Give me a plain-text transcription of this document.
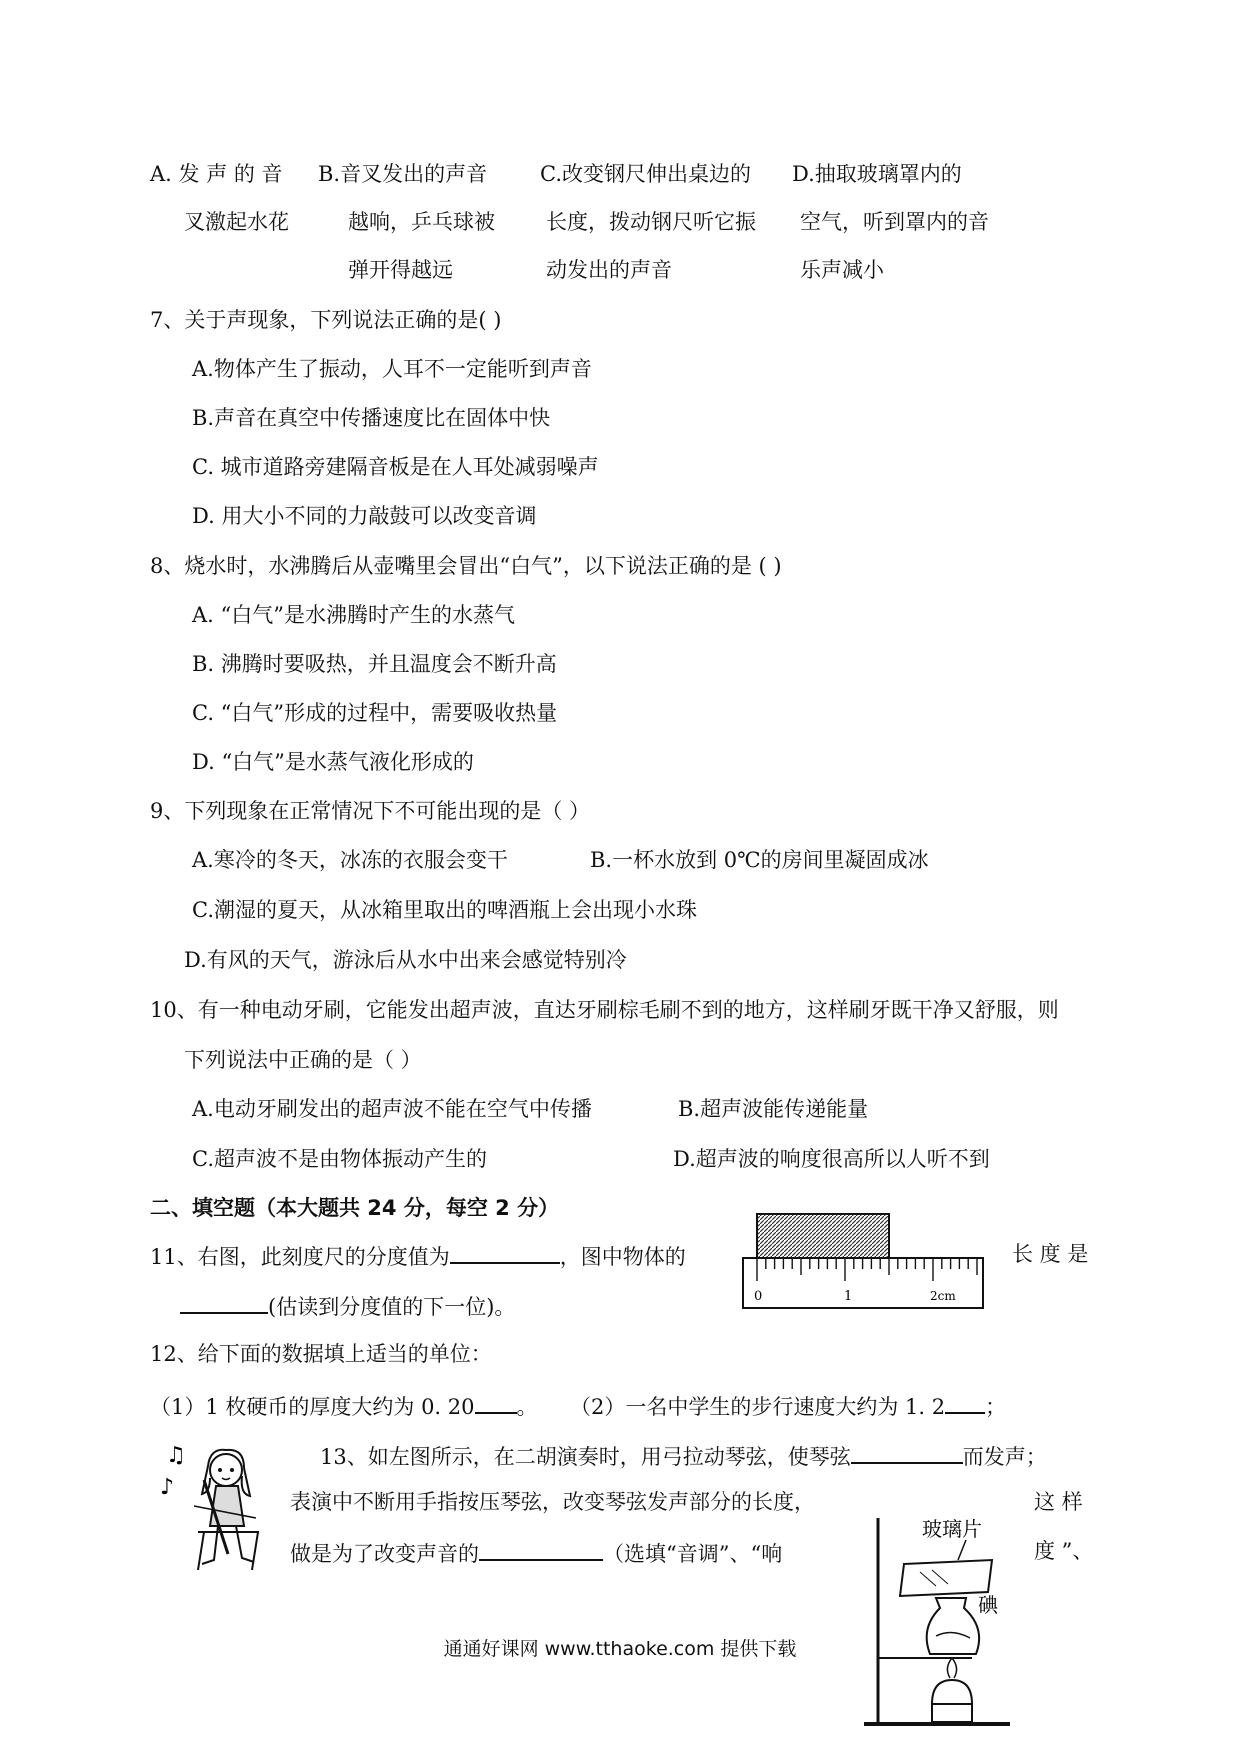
A. 发 声 的 音
叉激起水花
B.音叉发出的声音
越响，乒乓球被
弹开得越远
C.改变钢尺伸出桌边的
长度，拨动钢尺听它振
动发出的声音
D.抽取玻璃罩内的
空气，听到罩内的音
乐声减小
7、关于声现象，下列说法正确的是( )
A.物体产生了振动，人耳不一定能听到声音
B.声音在真空中传播速度比在固体中快
C. 城市道路旁建隔音板是在人耳处减弱噪声
D. 用大小不同的力敲鼓可以改变音调
8、烧水时，水沸腾后从壶嘴里会冒出“白气”，以下说法正确的是 ( )
A. “白气”是水沸腾时产生的水蒸气
B. 沸腾时要吸热，并且温度会不断升高
C. “白气”形成的过程中，需要吸收热量
D. “白气”是水蒸气液化形成的
9、下列现象在正常情况下不可能出现的是（ ）
A.寒冷的冬天，冰冻的衣服会变干	B.一杯水放到 0℃的房间里凝固成冰
C.潮湿的夏天，从冰箱里取出的啤酒瓶上会出现小水珠
D.有风的天气，游泳后从水中出来会感觉特别冷
10、有一种电动牙刷，它能发出超声波，直达牙刷棕毛刷不到的地方，这样刷牙既干净又舒服，则
下列说法中正确的是（ ）
A.电动牙刷发出的超声波不能在空气中传播	B.超声波能传递能量
C.超声波不是由物体振动产生的	D.超声波的响度很高所以人听不到
二、填空题（本大题共 24 分，每空 2 分）
11、右图，此刻度尺的分度值为	，图中物体的	长 度 是
(估读到分度值的下一位)。	0	1	2cm
12、给下面的数据填上适当的单位：
（1）1 枚硬币的厚度大约为 0. 20 。 （2）一名中学生的步行速度大约为 1. 2 ；
♫
♪
13、如左图所示，在二胡演奏时，用弓拉动琴弦，使琴弦	而发声；
表演中不断用手指按压琴弦，改变琴弦发声部分的长度，	这 样
做是为了改变声音的	（选填“音调”、“响	度 ”、
玻璃片
碘
通通好课网 www.tthaoke.com 提供下载
